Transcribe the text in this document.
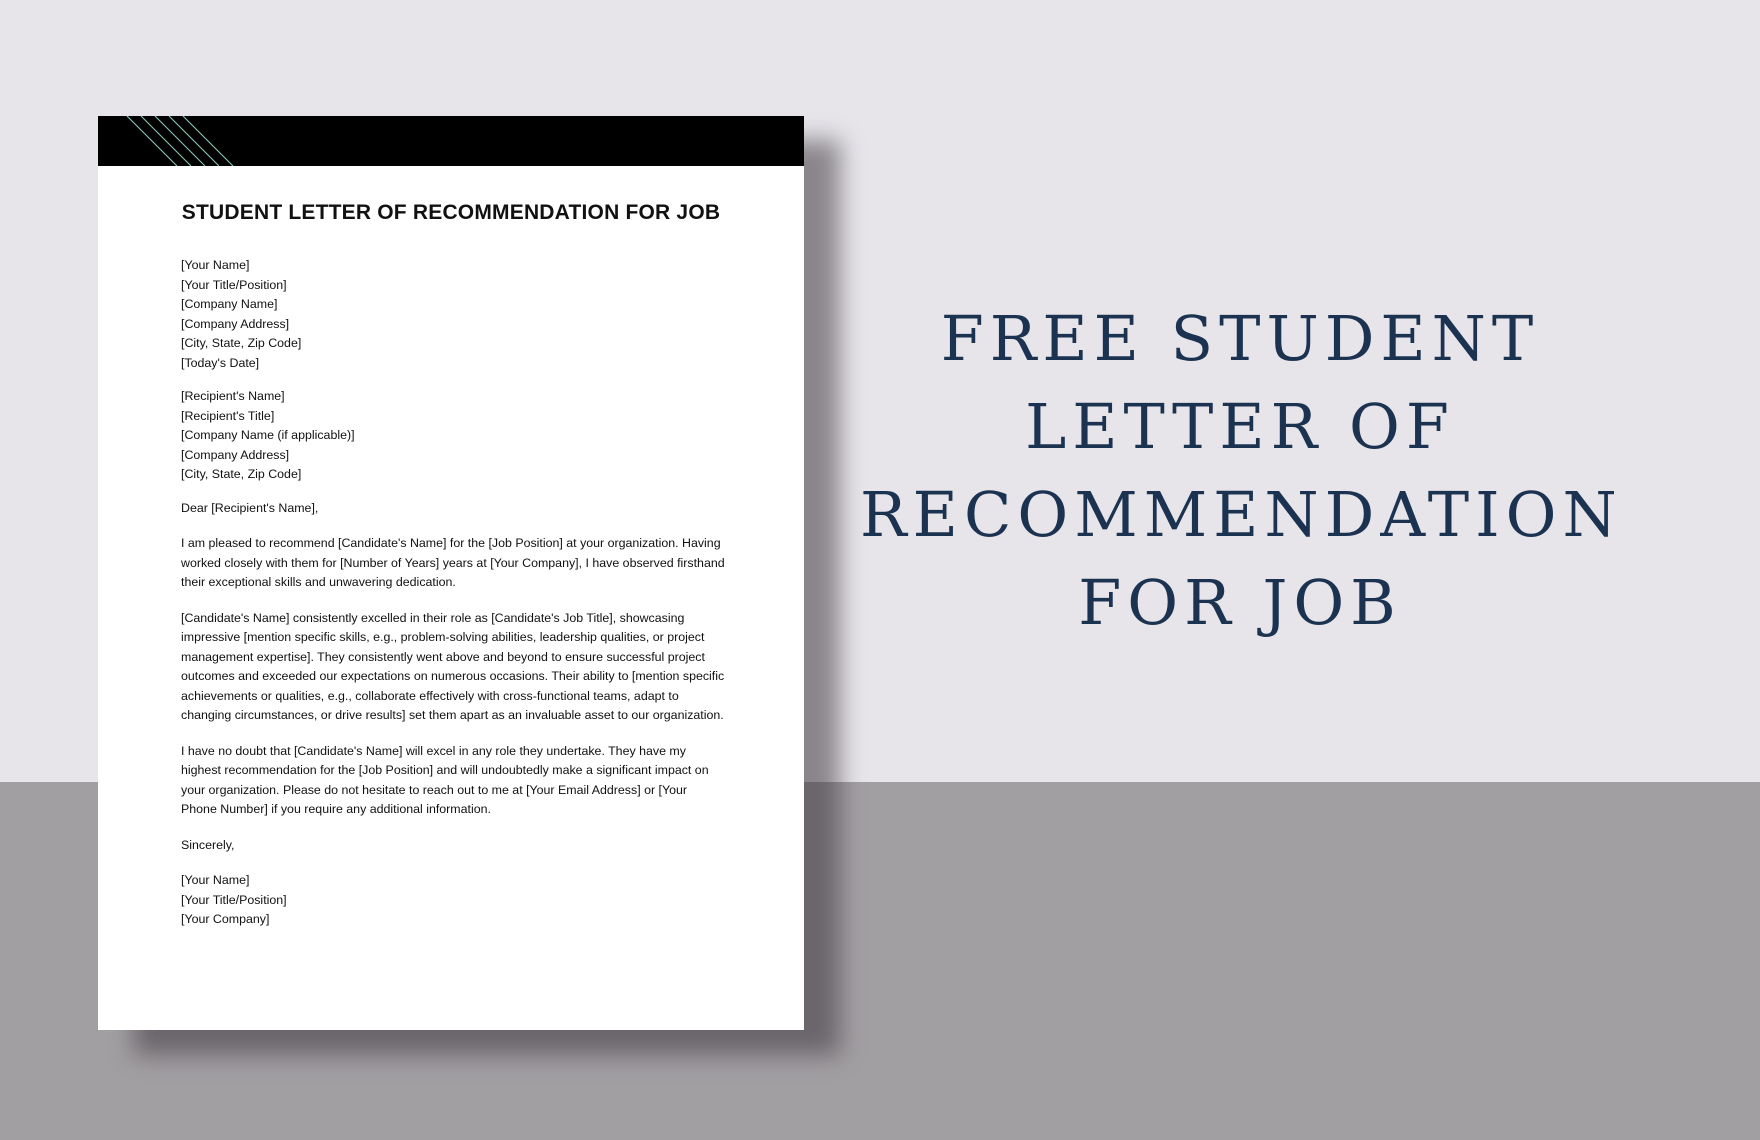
STUDENT LETTER OF RECOMMENDATION FOR JOB
[Your Name]
[Your Title/Position]
[Company Name]
[Company Address]
[City, State, Zip Code]
[Today's Date]
[Recipient's Name]
[Recipient's Title]
[Company Name (if applicable)]
[Company Address]
[City, State, Zip Code]
Dear [Recipient's Name],
I am pleased to recommend [Candidate's Name] for the [Job Position] at your organization. Having worked closely with them for [Number of Years] years at [Your Company], I have observed firsthand their exceptional skills and unwavering dedication.
[Candidate's Name] consistently excelled in their role as [Candidate's Job Title], showcasing impressive [mention specific skills, e.g., problem-solving abilities, leadership qualities, or project management expertise]. They consistently went above and beyond to ensure successful project outcomes and exceeded our expectations on numerous occasions. Their ability to [mention specific achievements or qualities, e.g., collaborate effectively with cross-functional teams, adapt to changing circumstances, or drive results] set them apart as an invaluable asset to our organization.
I have no doubt that [Candidate's Name] will excel in any role they undertake. They have my highest recommendation for the [Job Position] and will undoubtedly make a significant impact on your organization. Please do not hesitate to reach out to me at [Your Email Address] or [Your Phone Number] if you require any additional information.
Sincerely,
[Your Name]
[Your Title/Position]
[Your Company]
FREE STUDENT
LETTER OF
RECOMMENDATION
FOR JOB
